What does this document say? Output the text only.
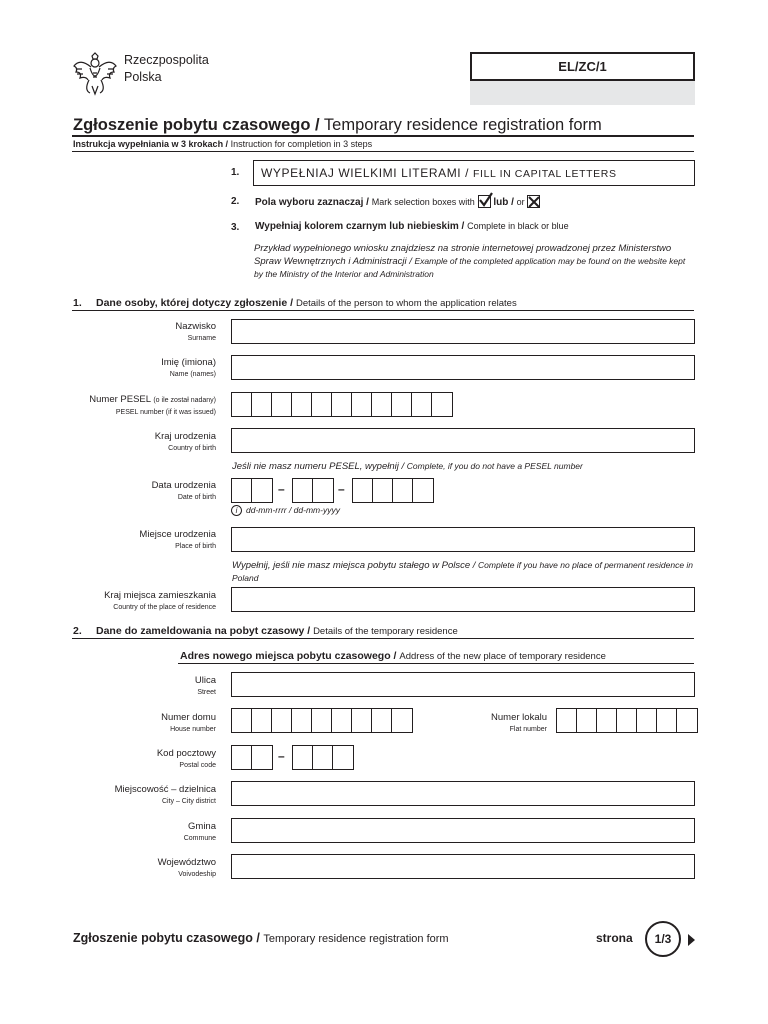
Rzeczpospolita
Polska
EL/ZC/1
Zgłoszenie pobytu czasowego / Temporary residence registration form
Instrukcja wypełniania w 3 krokach / Instruction for completion in 3 steps
1.	WYPEŁNIAJ WIELKIMI LITERAMI / FILL IN CAPITAL LETTERS
2. Pola wyboru zaznaczaj / Mark selection boxes with lub / or
3. Wypełniaj kolorem czarnym lub niebieskim / Complete in black or blue
Przykład wypełnionego wniosku znajdziesz na stronie internetowej prowadzonej przez Ministerstwo Spraw Wewnętrznych i Administracji / Example of the completed application may be found on the website kept by the Ministry of the Interior and Administration
1. Dane osoby, której dotyczy zgłoszenie / Details of the person to whom the application relates
Nazwisko
Surname
Imię (imiona)
Name (names)
Numer PESEL (o ile został nadany)
PESEL number (if it was issued)
Kraj urodzenia
Country of birth
Jeśli nie masz numeru PESEL, wypełnij / Complete, if you do not have a PESEL number
Data urodzenia
Date of birth
–	–
i dd-mm-rrrr / dd-mm-yyyy
Miejsce urodzenia
Place of birth
Wypełnij, jeśli nie masz miejsca pobytu stałego w Polsce / Complete if you have no place of permanent residence in Poland
Kraj miejsca zamieszkania
Country of the place of residence
2. Dane do zameldowania na pobyt czasowy / Details of the temporary residence
Adres nowego miejsca pobytu czasowego / Address of the new place of temporary residence
Ulica
Street
Numer domu
House number
Numer lokalu
Flat number
Kod pocztowy
Postal code
–
Miejscowość – dzielnica
City – City district
Gmina
Commune
Województwo
Voivodeship
Zgłoszenie pobytu czasowego / Temporary residence registration form	strona	1/3
